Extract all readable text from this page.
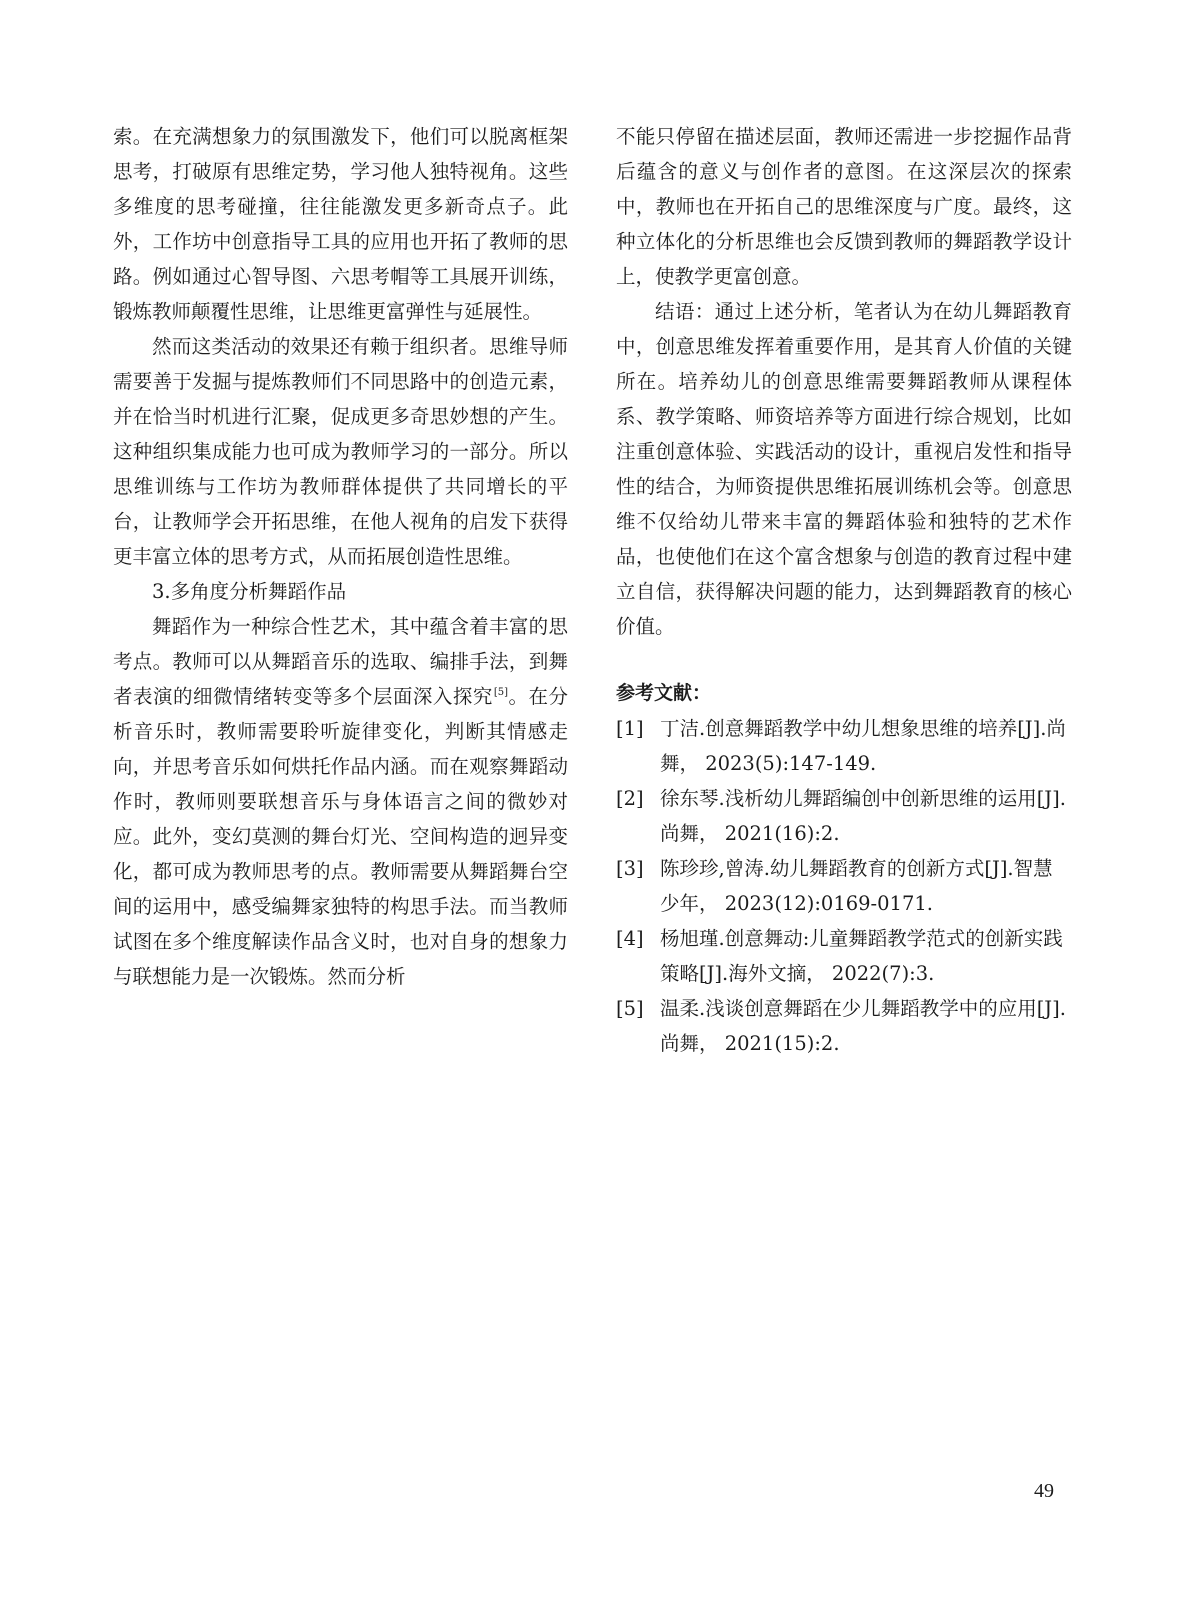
索。在充满想象力的氛围激发下，他们可以脱离框架思考，打破原有思维定势，学习他人独特视角。这些多维度的思考碰撞，往往能激发更多新奇点子。此外，工作坊中创意指导工具的应用也开拓了教师的思路。例如通过心智导图、六思考帽等工具展开训练，锻炼教师颠覆性思维，让思维更富弹性与延展性。

然而这类活动的效果还有赖于组织者。思维导师需要善于发掘与提炼教师们不同思路中的创造元素，并在恰当时机进行汇聚，促成更多奇思妙想的产生。这种组织集成能力也可成为教师学习的一部分。所以思维训练与工作坊为教师群体提供了共同增长的平台，让教师学会开拓思维，在他人视角的启发下获得更丰富立体的思考方式，从而拓展创造性思维。

3.多角度分析舞蹈作品

舞蹈作为一种综合性艺术，其中蕴含着丰富的思考点。教师可以从舞蹈音乐的选取、编排手法，到舞者表演的细微情绪转变等多个层面深入探究[5]。在分析音乐时，教师需要聆听旋律变化，判断其情感走向，并思考音乐如何烘托作品内涵。而在观察舞蹈动作时，教师则要联想音乐与身体语言之间的微妙对应。此外，变幻莫测的舞台灯光、空间构造的迥异变化，都可成为教师思考的点。教师需要从舞蹈舞台空间的运用中，感受编舞家独特的构思手法。而当教师试图在多个维度解读作品含义时，也对自身的想象力与联想能力是一次锻炼。然而分析

不能只停留在描述层面，教师还需进一步挖掘作品背后蕴含的意义与创作者的意图。在这深层次的探索中，教师也在开拓自己的思维深度与广度。最终，这种立体化的分析思维也会反馈到教师的舞蹈教学设计上，使教学更富创意。

结语：通过上述分析，笔者认为在幼儿舞蹈教育中，创意思维发挥着重要作用，是其育人价值的关键所在。培养幼儿的创意思维需要舞蹈教师从课程体系、教学策略、师资培养等方面进行综合规划，比如注重创意体验、实践活动的设计，重视启发性和指导性的结合，为师资提供思维拓展训练机会等。创意思维不仅给幼儿带来丰富的舞蹈体验和独特的艺术作品，也使他们在这个富含想象与创造的教育过程中建立自信，获得解决问题的能力，达到舞蹈教育的核心价值。

参考文献：
[1] 丁洁.创意舞蹈教学中幼儿想象思维的培养[J].尚舞， 2023(5):147-149.
[2] 徐东琴.浅析幼儿舞蹈编创中创新思维的运用[J].尚舞， 2021(16):2.
[3] 陈珍珍,曾涛.幼儿舞蹈教育的创新方式[J].智慧少年， 2023(12):0169-0171.
[4] 杨旭瑾.创意舞动:儿童舞蹈教学范式的创新实践策略[J].海外文摘， 2022(7):3.
[5] 温柔.浅谈创意舞蹈在少儿舞蹈教学中的应用[J].尚舞， 2021(15):2.
49
